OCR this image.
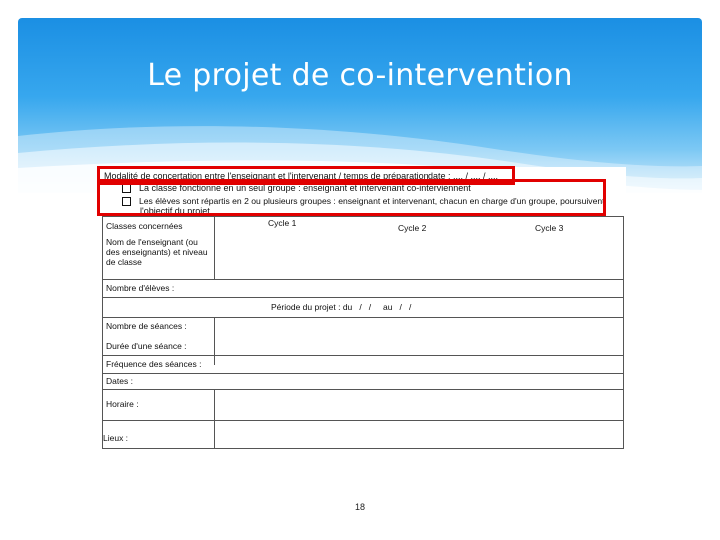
Le projet de co-intervention
Modalité de concertation entre l'enseignant et l'intervenant / temps de préparation date : .... / .... / ....
La classe fonctionne en un seul groupe : enseignant et intervenant co-interviennent
Les élèves sont répartis en 2 ou plusieurs groupes : enseignant et intervenant, chacun en charge d'un groupe, poursuivent
l'objectif du projet
Classes concernées
Nom de l'enseignant (ou des enseignants) et niveau de classe
Cycle 1	Cycle 2	Cycle 3
Nombre d'élèves :
Période du projet : du   /   /     au   /   /
Nombre de séances :
Durée d'une séance :
Fréquence des séances :
Dates :
Horaire :
Lieux :
18
